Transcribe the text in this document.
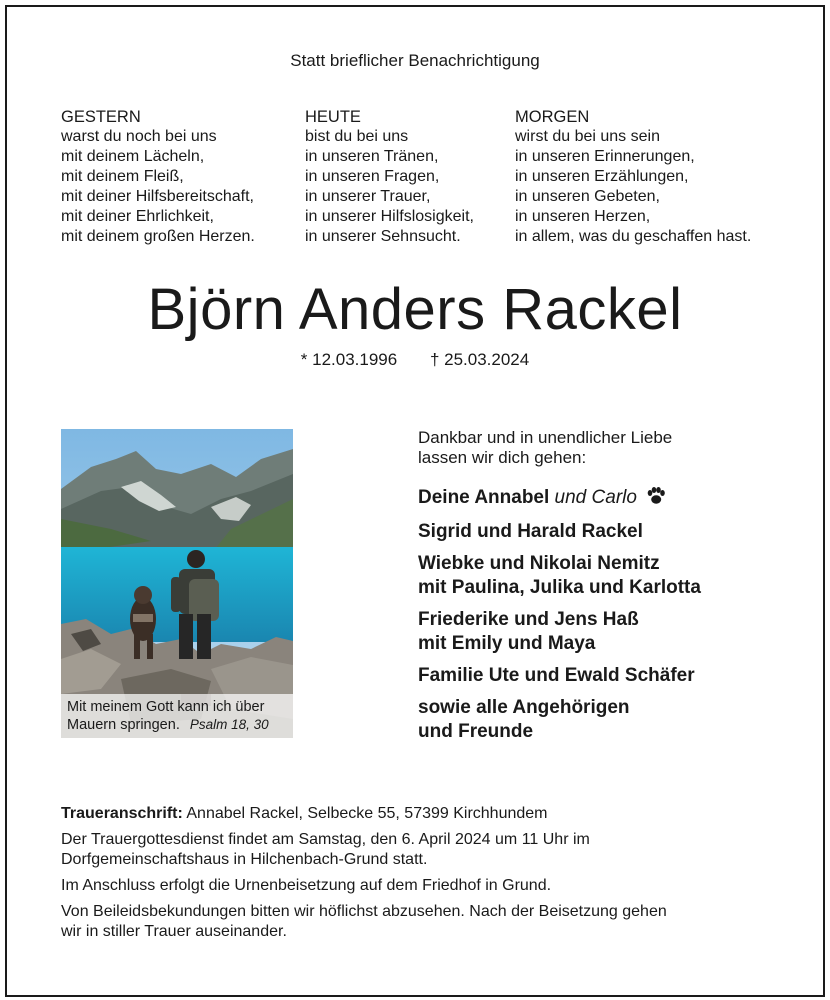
Statt brieflicher Benachrichtigung
GESTERN
warst du noch bei uns
mit deinem Lächeln,
mit deinem Fleiß,
mit deiner Hilfsbereitschaft,
mit deiner Ehrlichkeit,
mit deinem großen Herzen.
HEUTE
bist du bei uns
in unseren Tränen,
in unseren Fragen,
in unserer Trauer,
in unserer Hilfslosigkeit,
in unserer Sehnsucht.
MORGEN
wirst du bei uns sein
in unseren Erinnerungen,
in unseren Erzählungen,
in unseren Gebeten,
in unseren Herzen,
in allem, was du geschaffen hast.
Björn Anders Rackel
* 12.03.1996 † 25.03.2024
Mit meinem Gott kann ich über
Mauern springen. Psalm 18, 30
Dankbar und in unendlicher Liebe
lassen wir dich gehen:
Deine Annabel und Carlo
Sigrid und Harald Rackel
Wiebke und Nikolai Nemitz
mit Paulina, Julika und Karlotta
Friederike und Jens Haß
mit Emily und Maya
Familie Ute und Ewald Schäfer
sowie alle Angehörigen
und Freunde

Traueranschrift: Annabel Rackel, Selbecke 55, 57399 Kirchhundem

Der Trauergottesdienst findet am Samstag, den 6. April 2024 um 11 Uhr im
Dorfgemeinschaftshaus in Hilchenbach-Grund statt.

Im Anschluss erfolgt die Urnenbeisetzung auf dem Friedhof in Grund.

Von Beileidsbekundungen bitten wir höflichst abzusehen. Nach der Beisetzung gehen
wir in stiller Trauer auseinander.
